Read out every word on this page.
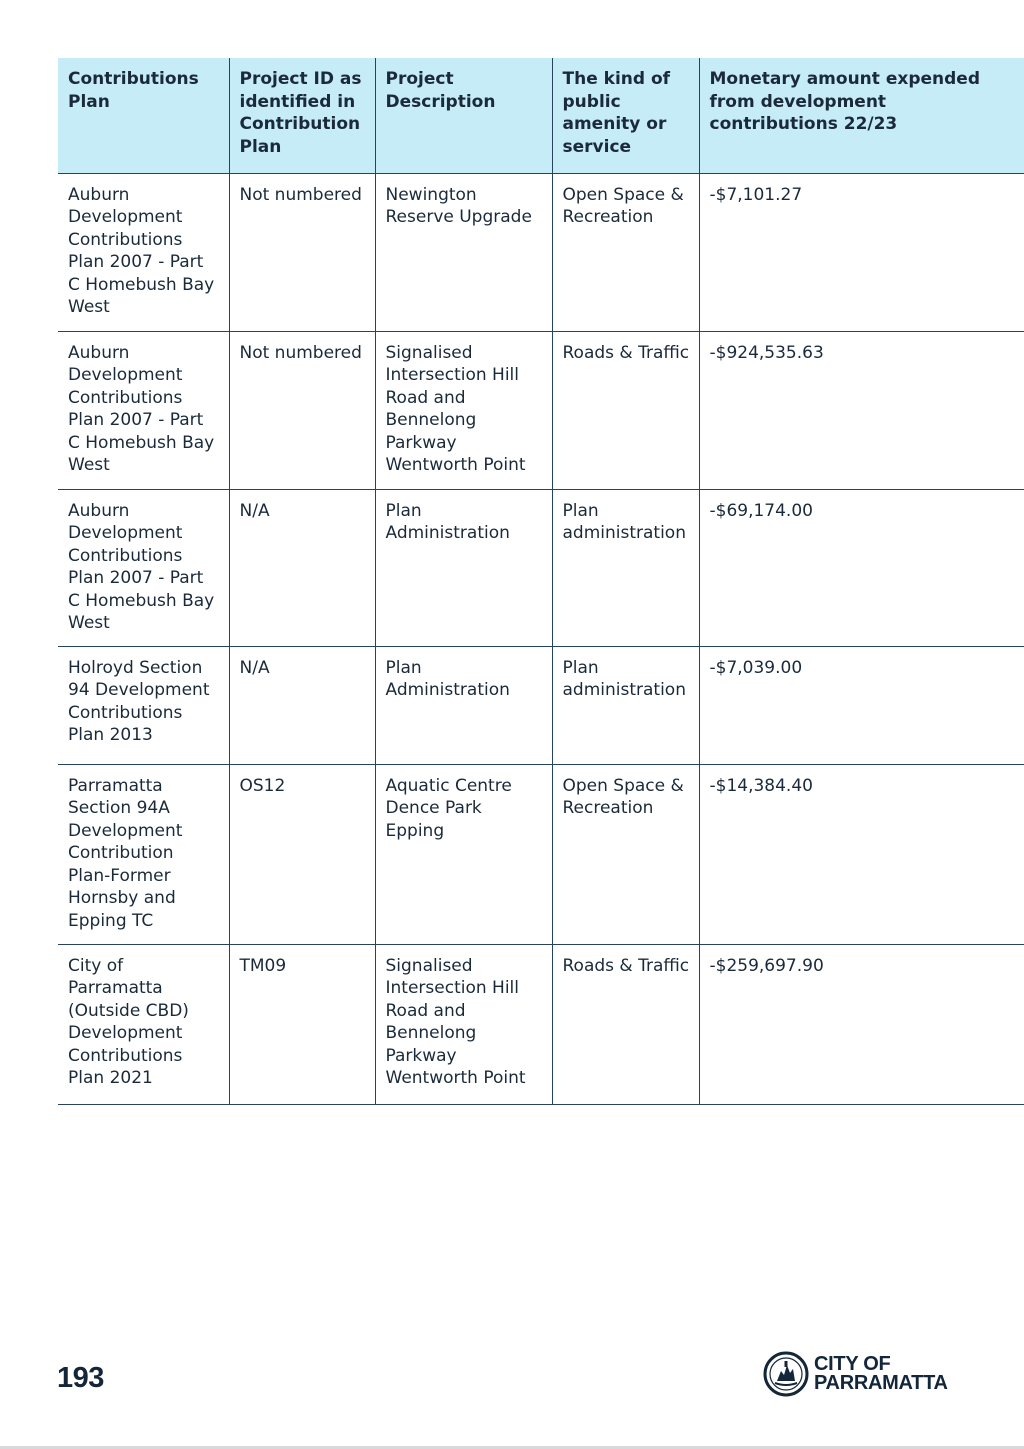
Contributions Plan	Project ID as identified in Contribution Plan	Project Description	The kind of public amenity or service	Monetary amount expended from development contributions 22/23
Auburn Development Contributions Plan 2007 - Part C Homebush Bay West	Not numbered	Newington Reserve Upgrade	Open Space & Recreation	-$7,101.27
Auburn Development Contributions Plan 2007 - Part C Homebush Bay West	Not numbered	Signalised Intersection Hill Road and Bennelong Parkway Wentworth Point	Roads & Traffic	-$924,535.63
Auburn Development Contributions Plan 2007 - Part C Homebush Bay West	N/A	Plan Administration	Plan administration	-$69,174.00
Holroyd Section 94 Development Contributions Plan 2013	N/A	Plan Administration	Plan administration	-$7,039.00
Parramatta Section 94A Development Contribution Plan-Former Hornsby and Epping TC	OS12	Aquatic Centre Dence Park Epping	Open Space & Recreation	-$14,384.40
City of Parramatta (Outside CBD) Development Contributions Plan 2021	TM09	Signalised Intersection Hill Road and Bennelong Parkway Wentworth Point	Roads & Traffic	-$259,697.90
193	CITY OF
PARRAMATTA
